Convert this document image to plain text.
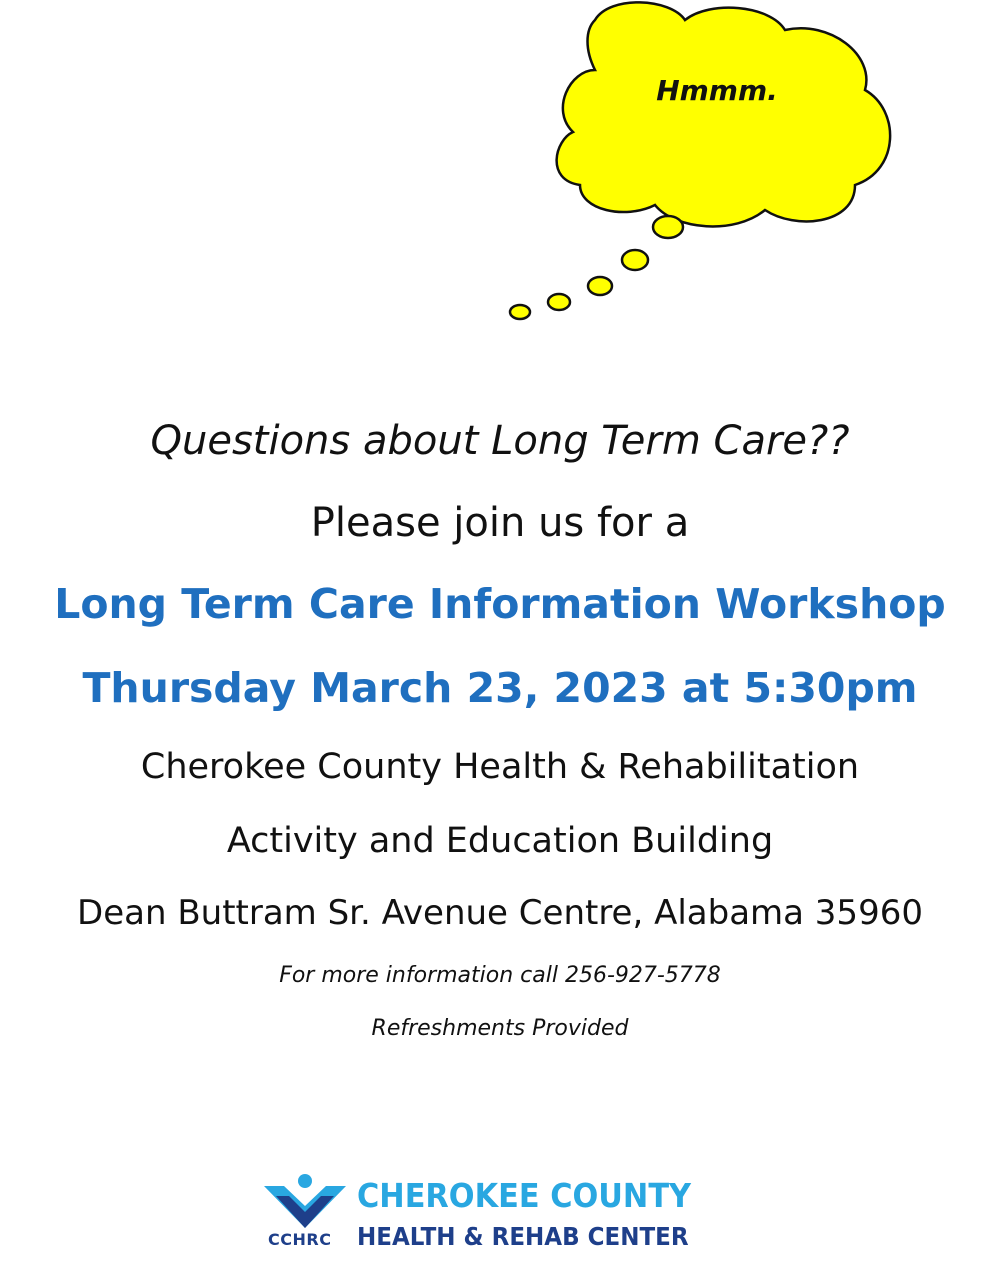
Hmmm.
Questions about Long Term Care??
Please join us for a
Long Term Care Information Workshop
Thursday March 23, 2023 at 5:30pm
Cherokee County Health & Rehabilitation
Activity and Education Building
Dean Buttram Sr. Avenue Centre, Alabama 35960
For more information call 256-927-5778
Refreshments Provided
CCHRC
CHEROKEE COUNTY
HEALTH & REHAB CENTER
